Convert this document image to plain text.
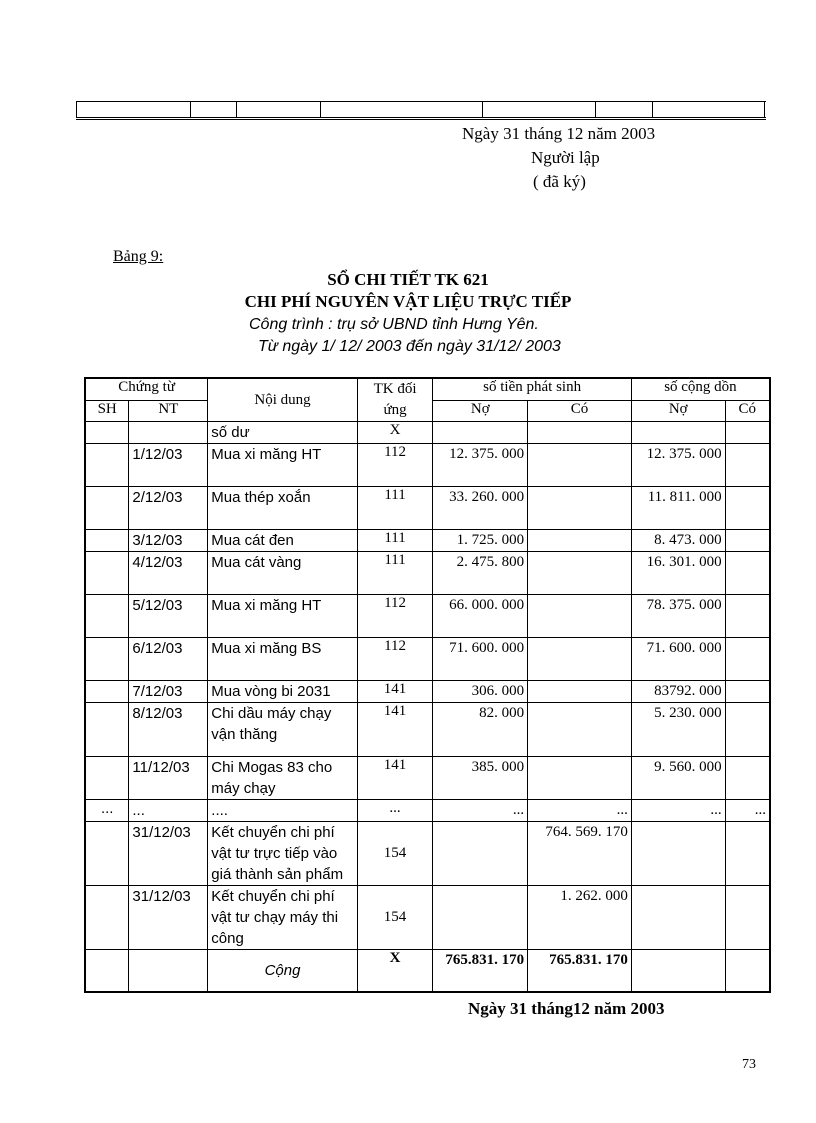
Ngày 31 tháng 12 năm 2003
Người lập
( đã ký)
Bảng 9:
SỔ CHI TIẾT TK 621
CHI PHÍ NGUYÊN VẬT LIỆU TRỰC TIẾP
Công trình : trụ sở UBND tỉnh Hưng Yên.
Từ ngày 1/ 12/ 2003 đến ngày 31/12/ 2003
Chứng từ		Nội dung	TK đối ứng	số tiền phát sinh		số cộng dồn	
SH	NT			Nợ	Có	Nợ	Có
		số dư	X				
	1/12/03	Mua xi măng HT	112	12. 375. 000		12. 375. 000	
	2/12/03	Mua thép xoắn	111	33. 260. 000		11. 811. 000	
	3/12/03	Mua cát đen	111	1. 725. 000		8. 473. 000	
	4/12/03	Mua cát vàng	111	2. 475. 800		16. 301. 000	
	5/12/03	Mua xi măng HT	112	66. 000. 000		78. 375. 000	
	6/12/03	Mua xi măng BS	112	71. 600. 000		71. 600. 000	
	7/12/03	Mua vòng bi 2031	141	306. 000		83792. 000	
	8/12/03	Chi dầu máy chạy vận thăng	141	82. 000		5. 230. 000	
	11/12/03	Chi Mogas 83 cho máy chạy	141	385. 000		9. 560. 000	
...	...	....	...	...	...	...	...
	31/12/03	Kết chuyển chi phí vật tư trực tiếp vào giá thành sản phẩm	154		764. 569. 170		
	31/12/03	Kết chuyển chi phí vật tư chạy máy thi công	154		1. 262. 000		
		Cộng	X	765.831. 170	765.831. 170		
Ngày 31 tháng12 năm 2003
73
